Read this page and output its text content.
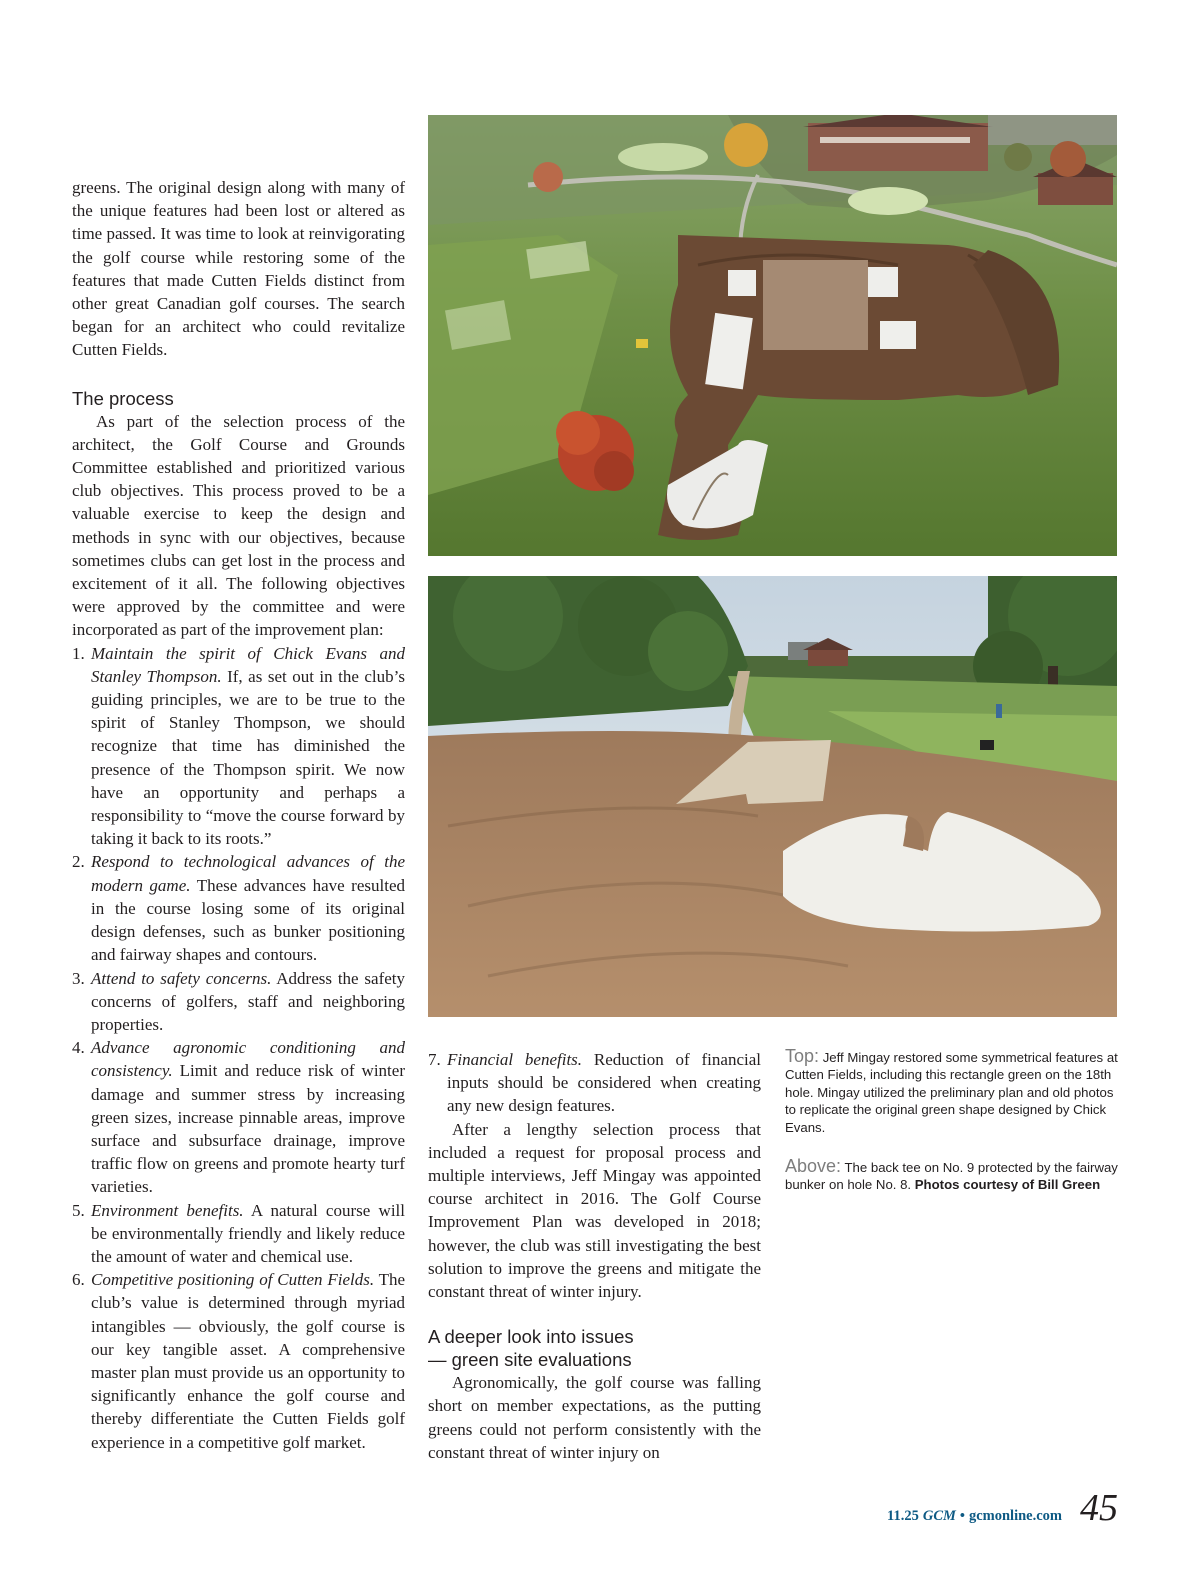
greens. The original design along with many of the unique features had been lost or altered as time passed. It was time to look at reinvigorating the golf course while restoring some of the features that made Cutten Fields distinct from other great Canadian golf courses. The search began for an architect who could revitalize Cutten Fields.

The process

As part of the selection process of the architect, the Golf Course and Grounds Committee established and prioritized various club objectives. This process proved to be a valuable exercise to keep the design and methods in sync with our objectives, because sometimes clubs can get lost in the process and excitement of it all. The following objectives were approved by the committee and were incorporated as part of the improvement plan:

1. Maintain the spirit of Chick Evans and Stanley Thompson. If, as set out in the club’s guiding principles, we are to be true to the spirit of Stanley Thompson, we should recognize that time has diminished the presence of the Thompson spirit. We now have an opportunity and perhaps a responsibility to “move the course forward by taking it back to its roots.”
2. Respond to technological advances of the modern game. These advances have resulted in the course losing some of its original design defenses, such as bunker positioning and fairway shapes and contours.
3. Attend to safety concerns. Address the safety concerns of golfers, staff and neighboring properties.
4. Advance agronomic conditioning and consistency. Limit and reduce risk of winter damage and summer stress by increasing green sizes, increase pinnable areas, improve surface and subsurface drainage, improve traffic flow on greens and promote hearty turf varieties.
5. Environment benefits. A natural course will be environmentally friendly and likely reduce the amount of water and chemical use.
6. Competitive positioning of Cutten Fields. The club’s value is determined through myriad intangibles — obviously, the golf course is our key tangible asset. A comprehensive master plan must provide us an opportunity to significantly enhance the golf course and thereby differentiate the Cutten Fields golf experience in a competitive golf market.
7. Financial benefits. Reduction of financial inputs should be considered when creating any new design features.

After a lengthy selection process that included a request for proposal process and multiple interviews, Jeff Mingay was appointed course architect in 2016. The Golf Course Improvement Plan was developed in 2018; however, the club was still investigating the best solution to improve the greens and mitigate the constant threat of winter injury.

A deeper look into issues
— green site evaluations

Agronomically, the golf course was falling short on member expectations, as the putting greens could not perform consistently with the constant threat of winter injury on

Top: Jeff Mingay restored some symmetrical features at Cutten Fields, including this rectangle green on the 18th hole. Mingay utilized the preliminary plan and old photos to replicate the original green shape designed by Chick Evans.
Above: The back tee on No. 9 protected by the fairway bunker on hole No. 8. Photos courtesy of Bill Green
11.25 GCM • gcmonline.com 45
